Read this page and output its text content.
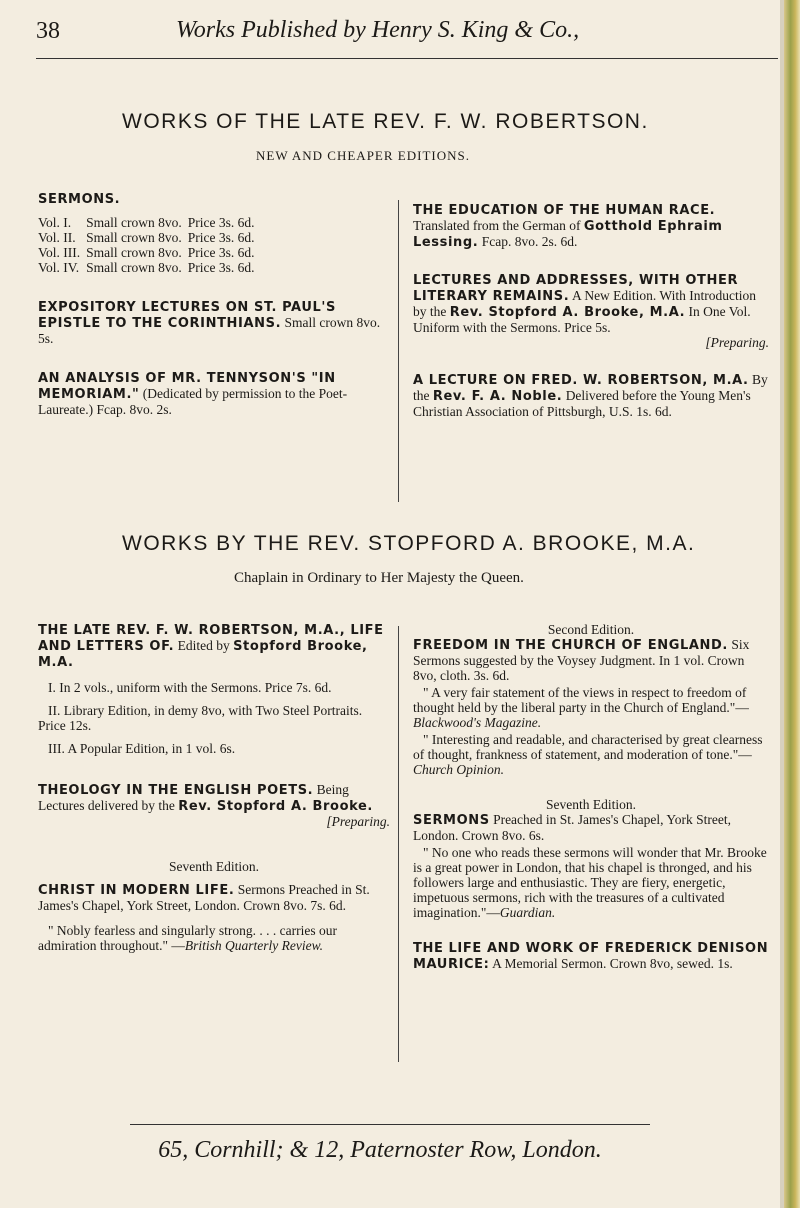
38	Works Published by Henry S. King & Co.,
WORKS OF THE LATE REV. F. W. ROBERTSON.
NEW AND CHEAPER EDITIONS.
SERMONS.
Vol. I.	Small crown 8vo.	Price 3s. 6d.
Vol. II.	Small crown 8vo.	Price 3s. 6d.
Vol. III.	Small crown 8vo.	Price 3s. 6d.
Vol. IV.	Small crown 8vo.	Price 3s. 6d.
EXPOSITORY LECTURES ON ST. PAUL'S EPISTLE TO THE CORINTHIANS. Small crown 8vo. 5s.
AN ANALYSIS OF MR. TENNYSON'S "IN MEMORIAM." (Dedicated by permission to the Poet-Laureate.) Fcap. 8vo. 2s.
THE EDUCATION OF THE HUMAN RACE. Translated from the German of Gotthold Ephraim Lessing. Fcap. 8vo. 2s. 6d.
LECTURES AND ADDRESSES, WITH OTHER LITERARY REMAINS. A New Edition. With Introduction by the Rev. Stopford A. Brooke, M.A. In One Vol. Uniform with the Sermons. Price 5s.
[Preparing.
A LECTURE ON FRED. W. ROBERTSON, M.A. By the Rev. F. A. Noble. Delivered before the Young Men's Christian Association of Pittsburgh, U.S. 1s. 6d.
WORKS BY THE REV. STOPFORD A. BROOKE, M.A.
Chaplain in Ordinary to Her Majesty the Queen.
THE LATE REV. F. W. ROBERTSON, M.A., LIFE AND LETTERS OF. Edited by Stopford Brooke, M.A.

I. In 2 vols., uniform with the Sermons. Price 7s. 6d.

II. Library Edition, in demy 8vo, with Two Steel Portraits. Price 12s.

III. A Popular Edition, in 1 vol. 6s.

THEOLOGY IN THE ENGLISH POETS. Being Lectures delivered by the Rev. Stopford A. Brooke.
[Preparing.
Seventh Edition.
CHRIST IN MODERN LIFE. Sermons Preached in St. James's Chapel, York Street, London. Crown 8vo. 7s. 6d.

" Nobly fearless and singularly strong. . . . carries our admiration throughout." —British Quarterly Review.

Second Edition.
FREEDOM IN THE CHURCH OF ENGLAND. Six Sermons suggested by the Voysey Judgment. In 1 vol. Crown 8vo, cloth. 3s. 6d.

" A very fair statement of the views in respect to freedom of thought held by the liberal party in the Church of England."—Blackwood's Magazine.

" Interesting and readable, and characterised by great clearness of thought, frankness of statement, and moderation of tone."—Church Opinion.

Seventh Edition.
SERMONS Preached in St. James's Chapel, York Street, London. Crown 8vo. 6s.

" No one who reads these sermons will wonder that Mr. Brooke is a great power in London, that his chapel is thronged, and his followers large and enthusiastic. They are fiery, energetic, impetuous sermons, rich with the treasures of a cultivated imagination."—Guardian.

THE LIFE AND WORK OF FREDERICK DENISON MAURICE: A Memorial Sermon. Crown 8vo, sewed. 1s.
65, Cornhill; & 12, Paternoster Row, London.
